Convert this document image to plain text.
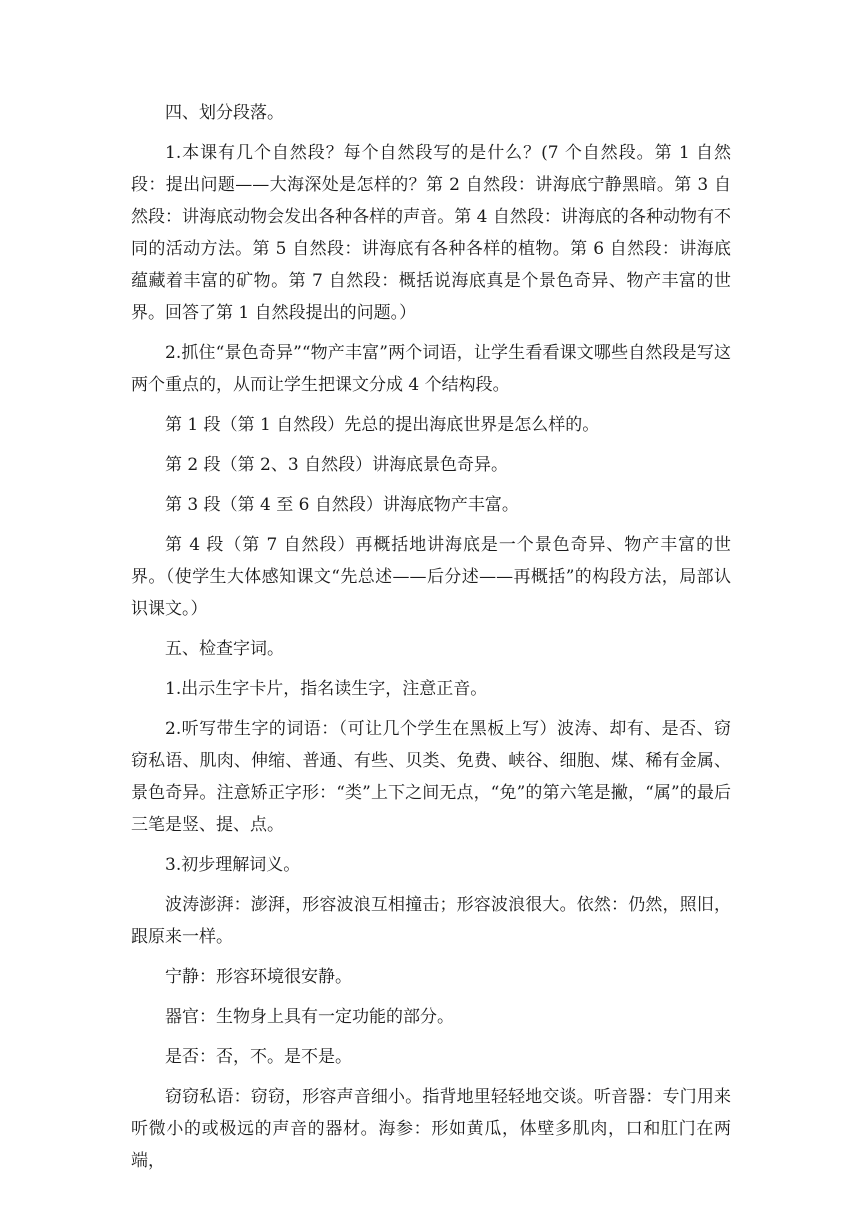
四、划分段落。

1.本课有几个自然段？每个自然段写的是什么？(7 个自然段。第 1 自然段：提出问题——大海深处是怎样的？第 2 自然段：讲海底宁静黑暗。第 3 自然段：讲海底动物会发出各种各样的声音。第 4 自然段：讲海底的各种动物有不同的活动方法。第 5 自然段：讲海底有各种各样的植物。第 6 自然段：讲海底蕴藏着丰富的矿物。第 7 自然段：概括说海底真是个景色奇异、物产丰富的世界。回答了第 1 自然段提出的问题。）

2.抓住“景色奇异”“物产丰富”两个词语，让学生看看课文哪些自然段是写这两个重点的，从而让学生把课文分成 4 个结构段。

第 1 段（第 1 自然段）先总的提出海底世界是怎么样的。

第 2 段（第 2、3 自然段）讲海底景色奇异。

第 3 段（第 4 至 6 自然段）讲海底物产丰富。

第 4 段（第 7 自然段）再概括地讲海底是一个景色奇异、物产丰富的世界。（使学生大体感知课文“先总述——后分述——再概括”的构段方法，局部认识课文。）

五、检查字词。

1.出示生字卡片，指名读生字，注意正音。

2.听写带生字的词语：（可让几个学生在黑板上写）波涛、却有、是否、窃窃私语、肌肉、伸缩、普通、有些、贝类、免费、峡谷、细胞、煤、稀有金属、景色奇异。注意矫正字形：“类”上下之间无点，“免”的第六笔是撇，“属”的最后三笔是竖、提、点。

3.初步理解词义。

波涛澎湃：澎湃，形容波浪互相撞击；形容波浪很大。依然：仍然，照旧，跟原来一样。

宁静：形容环境很安静。

器官：生物身上具有一定功能的部分。

是否：否，不。是不是。

窃窃私语：窃窃，形容声音细小。指背地里轻轻地交谈。听音器：专门用来听微小的或极远的声音的器材。海参：形如黄瓜，体壁多肌肉，口和肛门在两端，
